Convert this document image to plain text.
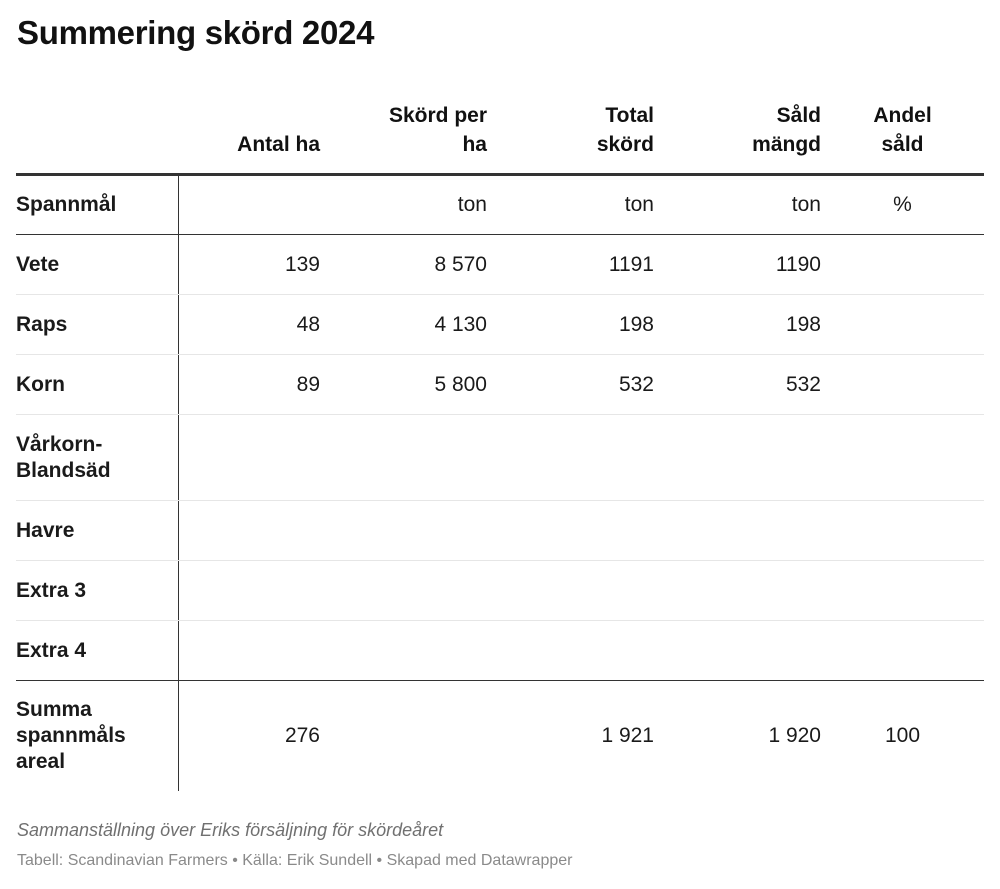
Summering skörd 2024
	Antal ha	Skörd per ha	Total skörd	Såld mängd	Andel såld
Spannmål		ton	ton	ton	%
Vete	139	8 570	1191	1190	
Raps	48	4 130	198	198	
Korn	89	5 800	532	532	
Vårkorn-Blandsäd					
Havre					
Extra 3					
Extra 4					
Summa spannmåls areal	276		1 921	1 920	100
Sammanställning över Eriks försäljning för skördeåret
Tabell: Scandinavian Farmers • Källa: Erik Sundell • Skapad med Datawrapper
